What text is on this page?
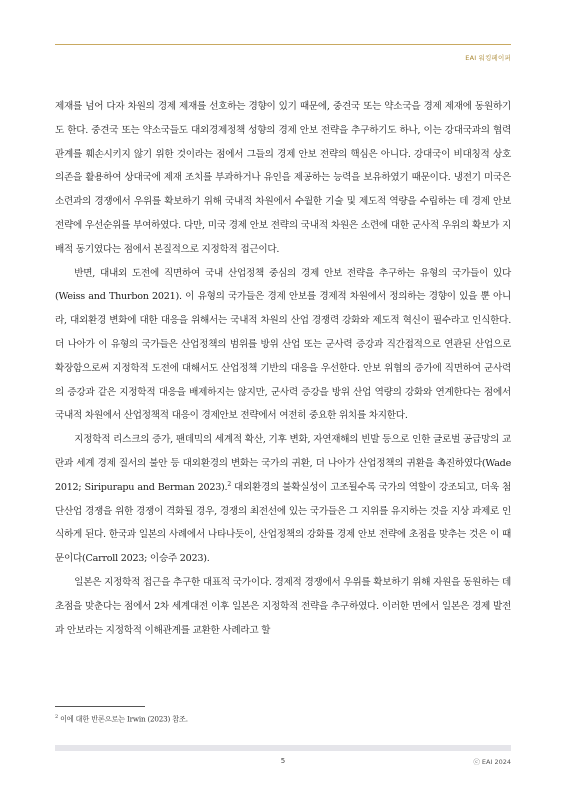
EAI 워킹페이퍼

제재를 넘어 다자 차원의 경제 제재를 선호하는 경향이 있기 때문에, 중견국 또는 약소국을 경제 제재에 동원하기도 한다. 중견국 또는 약소국들도 대외경제정책 성향의 경제 안보 전략을 추구하기도 하나, 이는 강대국과의 협력 관계를 훼손시키지 않기 위한 것이라는 점에서 그들의 경제 안보 전략의 핵심은 아니다. 강대국이 비대칭적 상호의존을 활용하여 상대국에 제재 조치를 부과하거나 유인을 제공하는 능력을 보유하였기 때문이다. 냉전기 미국은 소련과의 경쟁에서 우위를 확보하기 위해 국내적 차원에서 수월한 기술 및 제도적 역량을 수립하는 데 경제 안보 전략에 우선순위를 부여하였다. 다만, 미국 경제 안보 전략의 국내적 차원은 소련에 대한 군사적 우위의 확보가 지배적 동기였다는 점에서 본질적으로 지정학적 접근이다.

반면, 대내외 도전에 직면하여 국내 산업정책 중심의 경제 안보 전략을 추구하는 유형의 국가들이 있다(Weiss and Thurbon 2021). 이 유형의 국가들은 경제 안보를 경제적 차원에서 정의하는 경향이 있을 뿐 아니라, 대외환경 변화에 대한 대응을 위해서는 국내적 차원의 산업 경쟁력 강화와 제도적 혁신이 필수라고 인식한다. 더 나아가 이 유형의 국가들은 산업정책의 범위를 방위 산업 또는 군사력 증강과 직간접적으로 연관된 산업으로 확장함으로써 지정학적 도전에 대해서도 산업정책 기반의 대응을 우선한다. 안보 위협의 증가에 직면하여 군사력의 증강과 같은 지정학적 대응을 배제하지는 않지만, 군사력 증강을 방위 산업 역량의 강화와 연계한다는 점에서 국내적 차원에서 산업정책적 대응이 경제안보 전략에서 여전히 중요한 위치를 차지한다.

지정학적 리스크의 증가, 팬데믹의 세계적 확산, 기후 변화, 자연재해의 빈발 등으로 인한 글로벌 공급망의 교란과 세계 경제 질서의 불안 등 대외환경의 변화는 국가의 귀환, 더 나아가 산업정책의 귀환을 촉진하였다(Wade 2012; Siripurapu and Berman 2023).$^2$ 대외환경의 불확실성이 고조될수록 국가의 역할이 강조되고, 더욱 첨단산업 경쟁을 위한 경쟁이 격화될 경우, 경쟁의 최전선에 있는 국가들은 그 지위를 유지하는 것을 지상 과제로 인식하게 된다. 한국과 일본의 사례에서 나타나듯이, 산업정책의 강화를 경제 안보 전략에 초점을 맞추는 것은 이 때문이다(Carroll 2023; 이승주 2023).

일본은 지정학적 접근을 추구한 대표적 국가이다. 경제적 경쟁에서 우위를 확보하기 위해 자원을 동원하는 데 초점을 맞춘다는 점에서 2차 세계대전 이후 일본은 지정학적 전략을 추구하였다. 이러한 면에서 일본은 경제 발전과 안보라는 지정학적 이해관계를 교환한 사례라고 할

$^2$ 이에 대한 반론으로는 Irwin (2023) 참조.
5	ⓒ EAI 2024
